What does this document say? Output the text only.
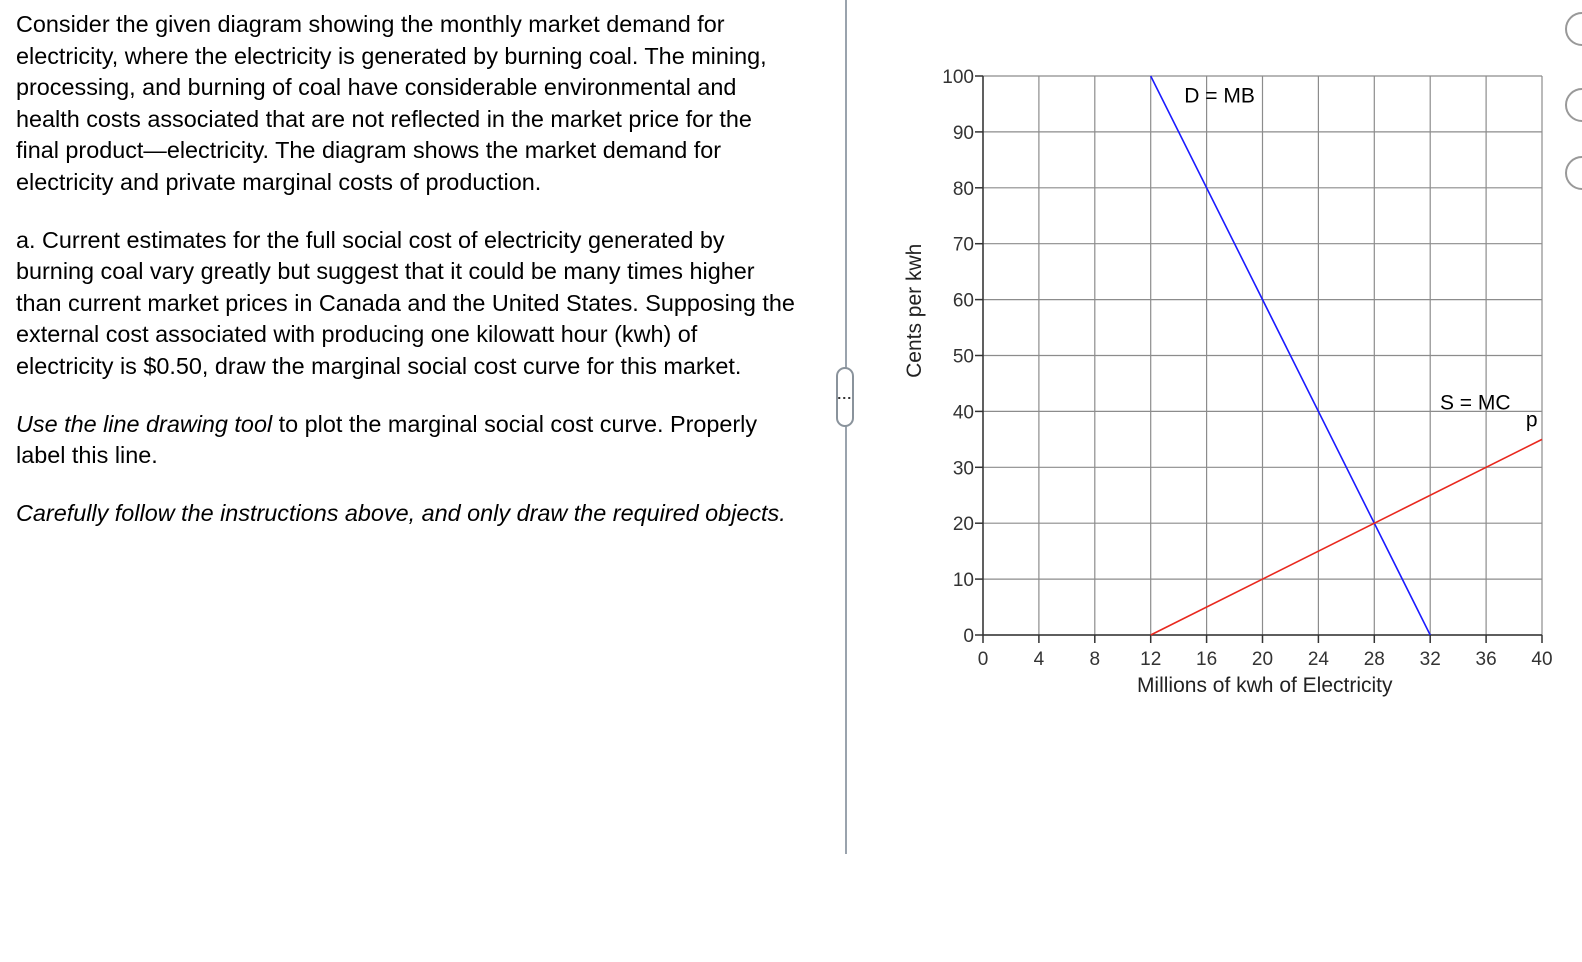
Consider the given diagram showing the monthly market demand for electricity, where the electricity is generated by burning coal. The mining, processing, and burning of coal have considerable environmental and health costs associated that are not reflected in the market price for the final product—electricity. The diagram shows the market demand for electricity and private marginal costs of production.

a. Current estimates for the full social cost of electricity generated by burning coal vary greatly but suggest that it could be many times higher than current market prices in Canada and the United States. Supposing the external cost associated with producing one kilowatt hour (kwh) of electricity is $0.50, draw the marginal social cost curve for this market.

Use the line drawing tool to plot the marginal social cost curve. Properly label this line.

Carefully follow the instructions above, and only draw the required objects.

⋮
0
10
20
30
40
50
60
70
80
90
100
0 4 8 12 16 20 24 28 32 36 40
Millions of kwh of Electricity
Cents per kwh
D = MB
S = MC
p
